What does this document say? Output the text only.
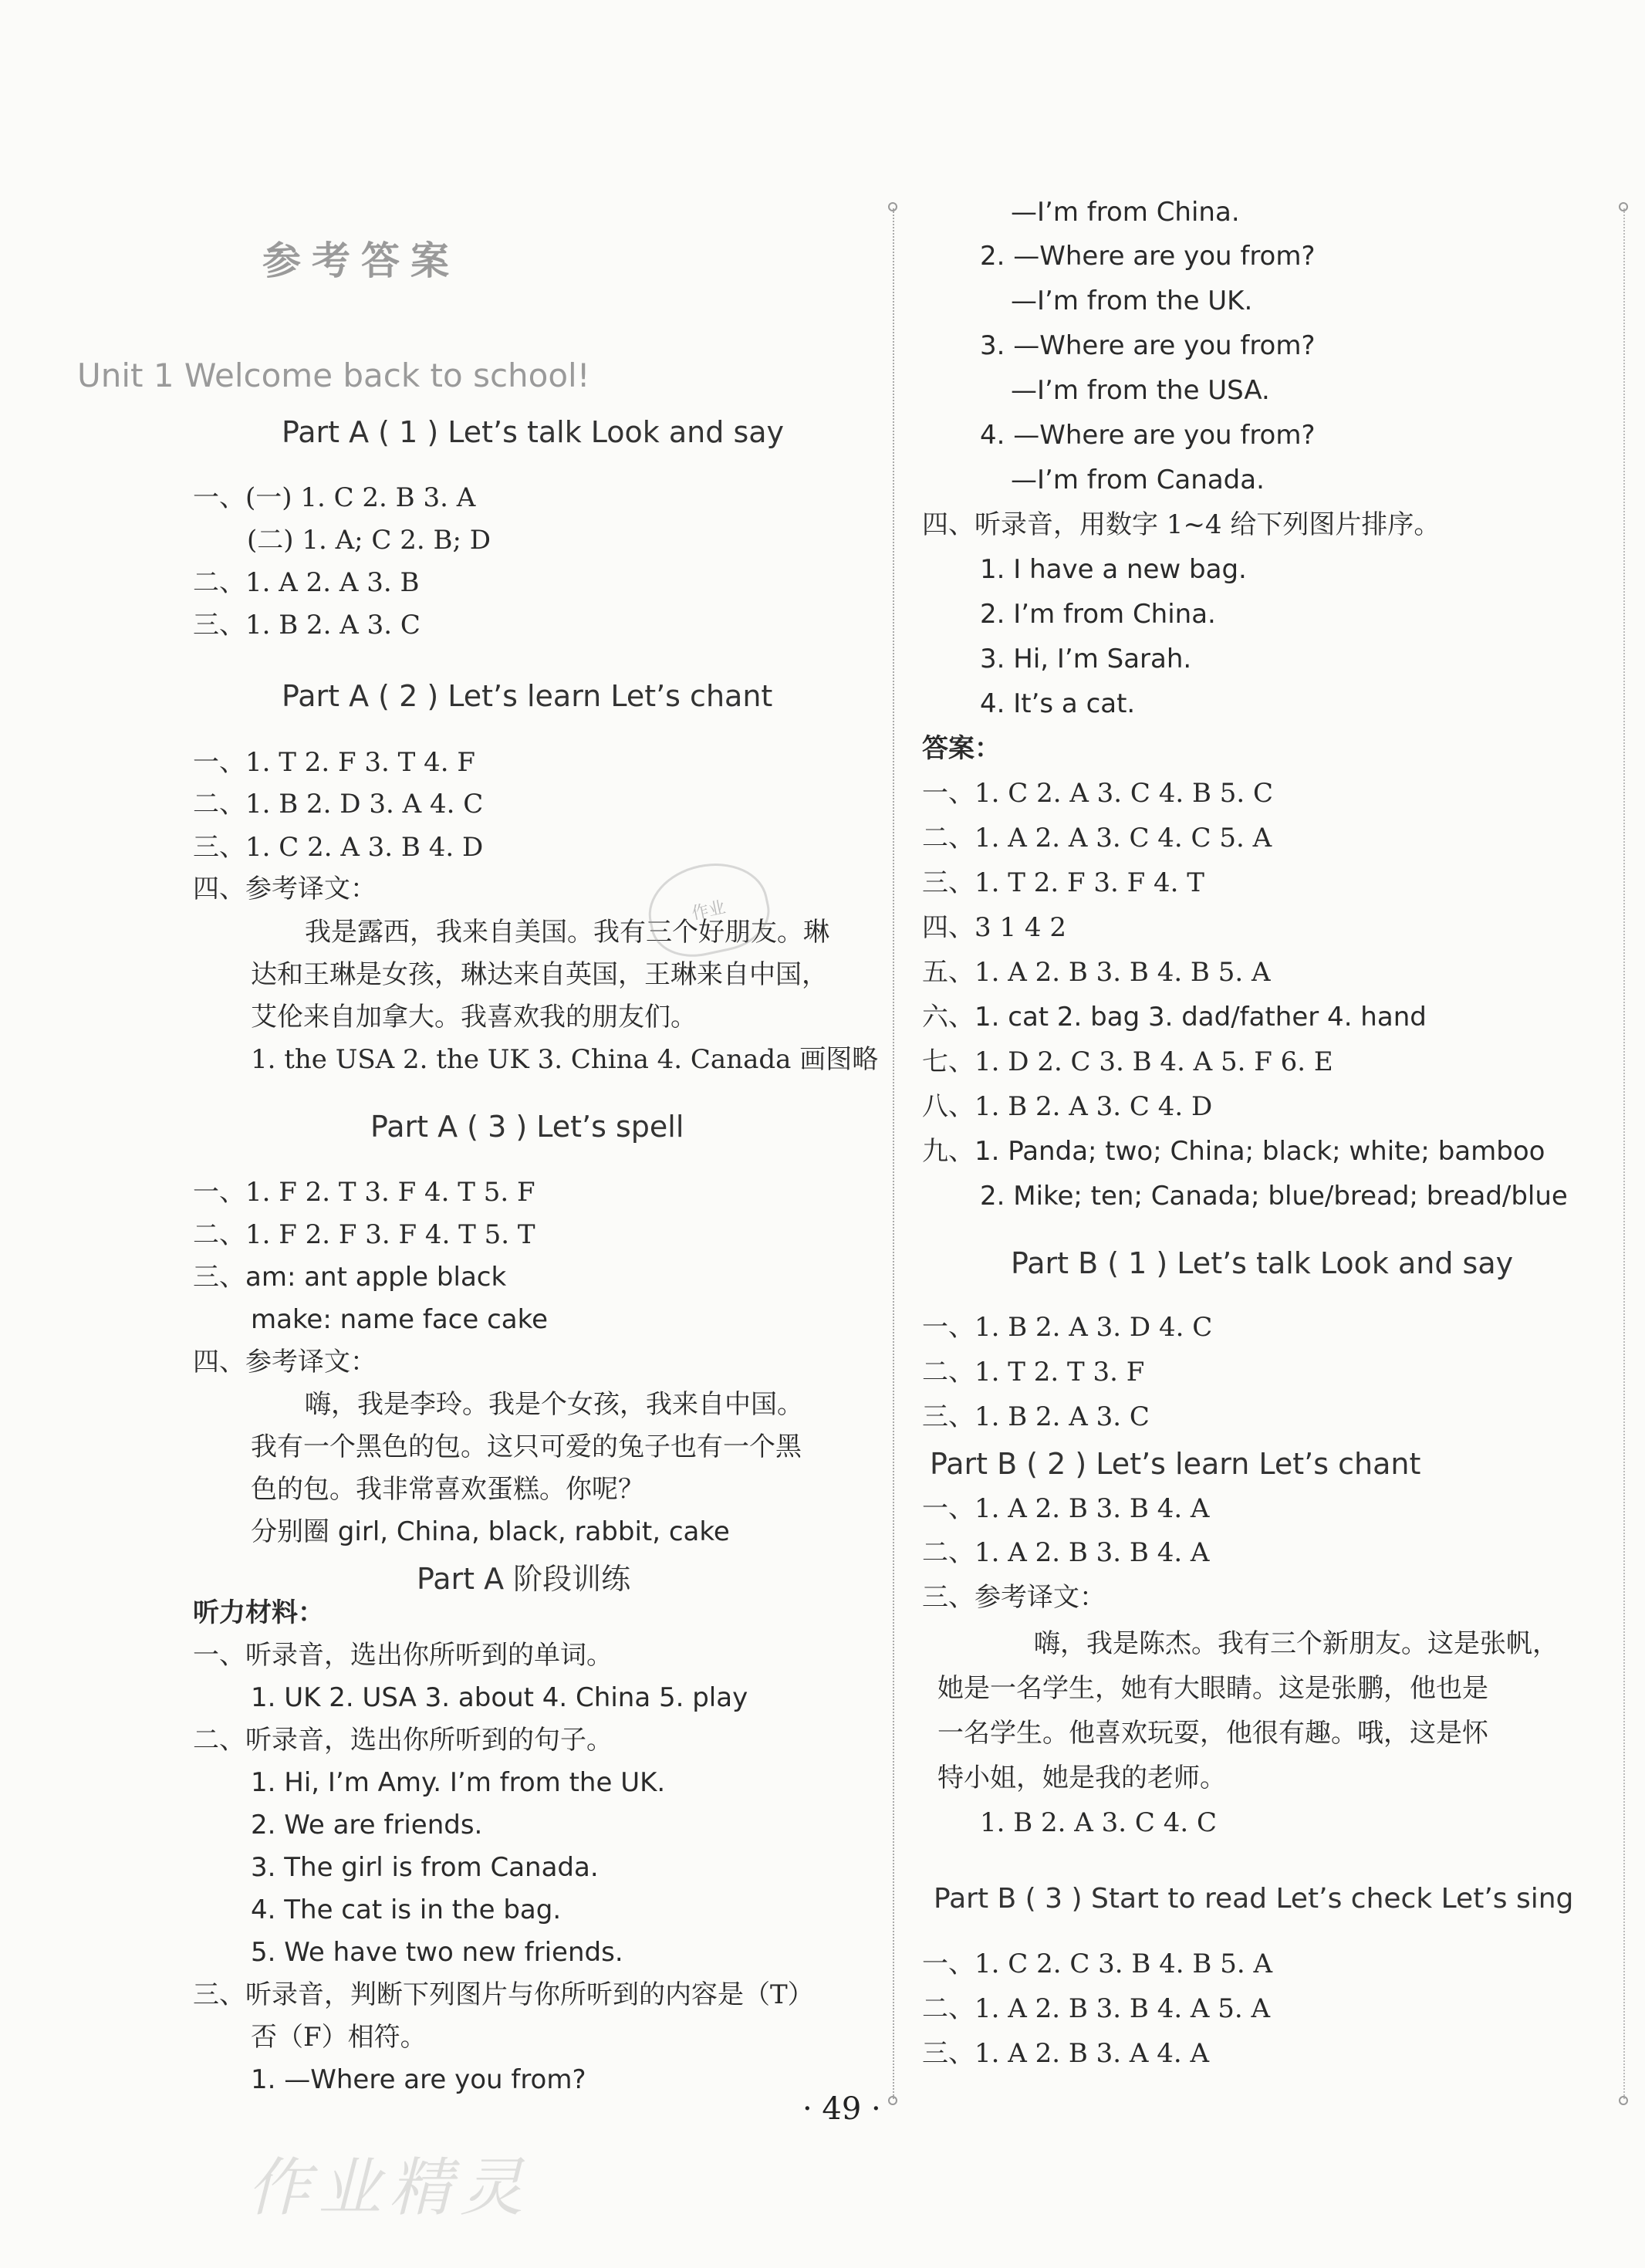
参考答案
Unit 1 Welcome back to school!
Part A ( 1 ) Let’s talk Look and say
一、(一) 1. C 2. B 3. A
(二) 1. A; C 2. B; D
二、1. A 2. A 3. B
三、1. B 2. A 3. C
Part A ( 2 ) Let’s learn Let’s chant
一、1. T 2. F 3. T 4. F
二、1. B 2. D 3. A 4. C
三、1. C 2. A 3. B 4. D
四、参考译文：
我是露西，我来自美国。我有三个好朋友。琳
达和王琳是女孩，琳达来自英国，王琳来自中国，
艾伦来自加拿大。我喜欢我的朋友们。
1. the USA 2. the UK 3. China 4. Canada 画图略
Part A ( 3 ) Let’s spell
一、1. F 2. T 3. F 4. T 5. F
二、1. F 2. F 3. F 4. T 5. T
三、am: ant apple black
make: name face cake
四、参考译文：
嗨，我是李玲。我是个女孩，我来自中国。
我有一个黑色的包。这只可爱的兔子也有一个黑
色的包。我非常喜欢蛋糕。你呢？
分别圈 girl, China, black, rabbit, cake
Part A 阶段训练
听力材料：
一、听录音，选出你所听到的单词。
1. UK 2. USA 3. about 4. China 5. play
二、听录音，选出你所听到的句子。
1. Hi, I’m Amy. I’m from the UK.
2. We are friends.
3. The girl is from Canada.
4. The cat is in the bag.
5. We have two new friends.
三、听录音，判断下列图片与你所听到的内容是（T）
否（F）相符。
1. —Where are you from?
—I’m from China.
2. —Where are you from?
—I’m from the UK.
3. —Where are you from?
—I’m from the USA.
4. —Where are you from?
—I’m from Canada.
四、听录音，用数字 1~4 给下列图片排序。
1. I have a new bag.
2. I’m from China.
3. Hi, I’m Sarah.
4. It’s a cat.
答案：
一、1. C 2. A 3. C 4. B 5. C
二、1. A 2. A 3. C 4. C 5. A
三、1. T 2. F 3. F 4. T
四、3 1 4 2
五、1. A 2. B 3. B 4. B 5. A
六、1. cat 2. bag 3. dad/father 4. hand
七、1. D 2. C 3. B 4. A 5. F 6. E
八、1. B 2. A 3. C 4. D
九、1. Panda; two; China; black; white; bamboo
2. Mike; ten; Canada; blue/bread; bread/blue
Part B ( 1 ) Let’s talk Look and say
一、1. B 2. A 3. D 4. C
二、1. T 2. T 3. F
三、1. B 2. A 3. C
Part B ( 2 ) Let’s learn Let’s chant
一、1. A 2. B 3. B 4. A
二、1. A 2. B 3. B 4. A
三、参考译文：
嗨，我是陈杰。我有三个新朋友。这是张帆，
她是一名学生，她有大眼睛。这是张鹏，他也是
一名学生。他喜欢玩耍，他很有趣。哦，这是怀
特小姐，她是我的老师。
1. B 2. A 3. C 4. C
Part B ( 3 ) Start to read Let’s check Let’s sing
一、1. C 2. C 3. B 4. B 5. A
二、1. A 2. B 3. B 4. A 5. A
三、1. A 2. B 3. A 4. A
作业
作业精灵
· 49 ·
